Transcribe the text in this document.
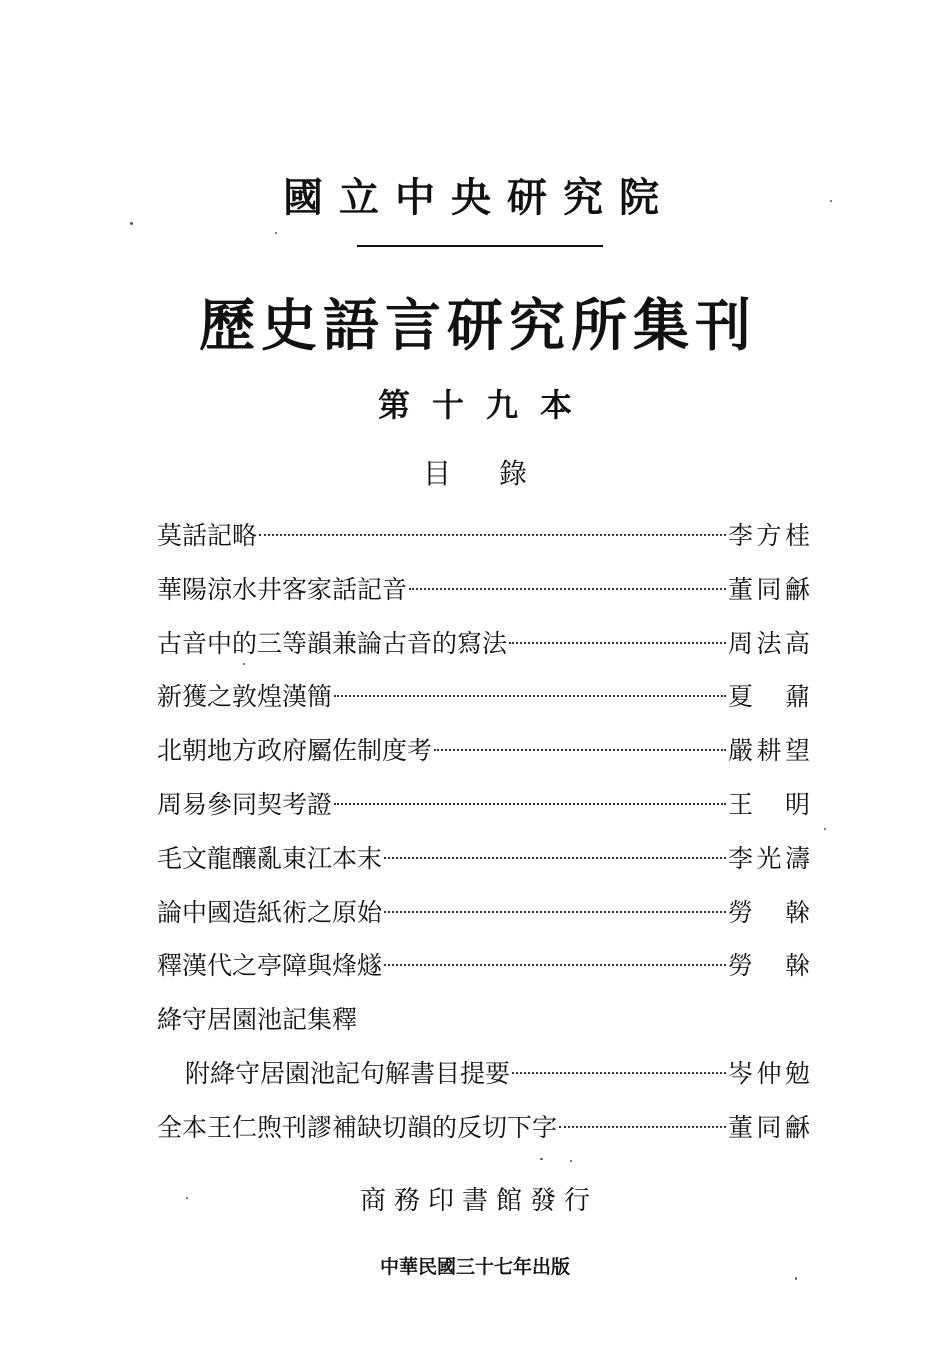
國立中央研究院
歷史語言研究所集刊
第十九本
目錄
莫話記略	李方桂
華陽涼水井客家話記音	董同龢
古音中的三等韻兼論古音的寫法	周法高
新獲之敦煌漢簡	夏鼐
北朝地方政府屬佐制度考	嚴耕望
周易參同契考證	王明
毛文龍釀亂東江本末	李光濤
論中國造紙術之原始	勞榦
釋漢代之亭障與烽燧	勞榦
絳守居園池記集釋
附絳守居園池記句解書目提要	岑仲勉
全本王仁煦刊謬補缺切韻的反切下字	董同龢
商務印書館發行
中華民國三十七年出版
